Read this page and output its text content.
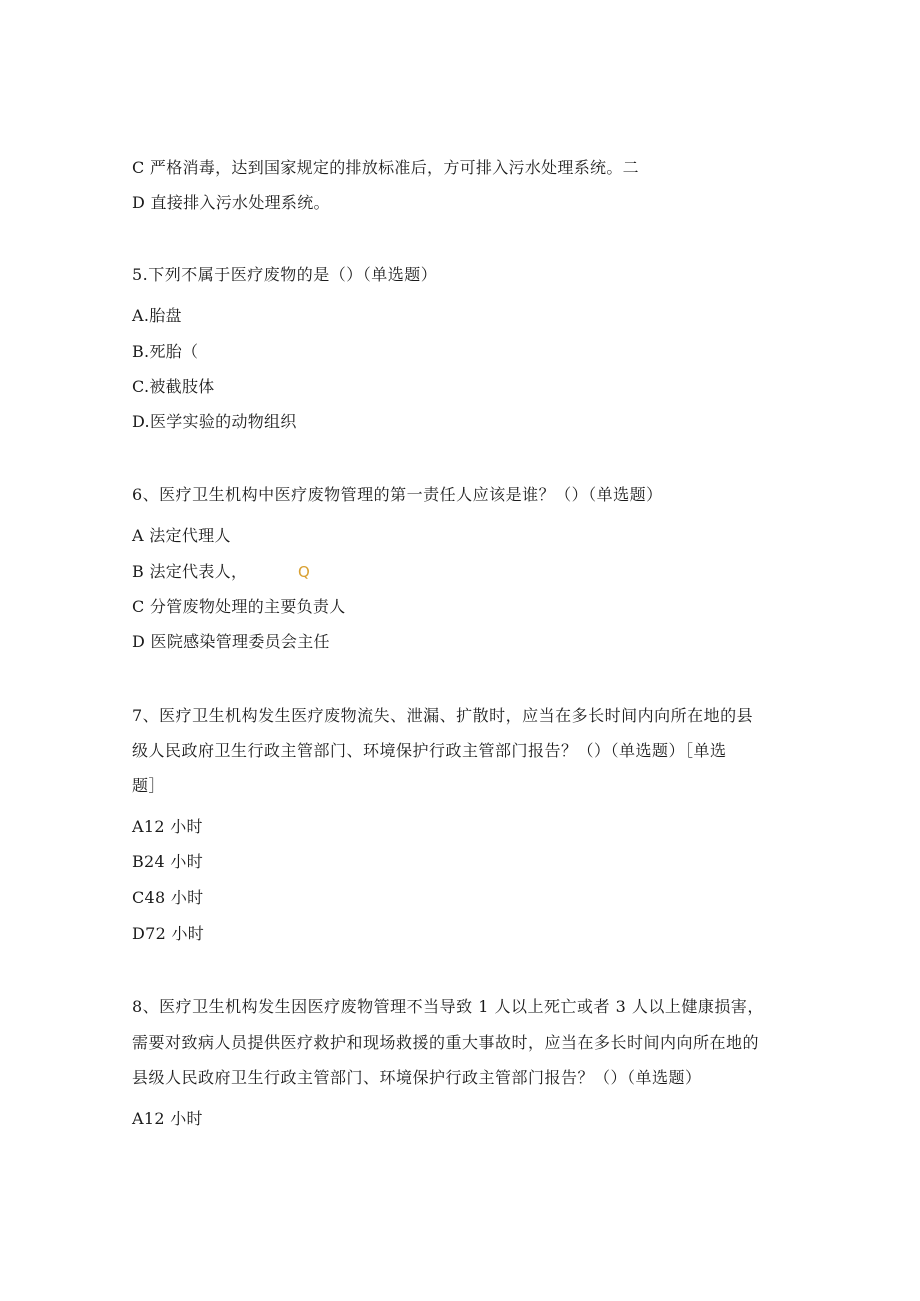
C 严格消毒，达到国家规定的排放标准后，方可排入污水处理系统。二
D 直接排入污水处理系统。
5.下列不属于医疗废物的是（）（单选题）
A.胎盘
B.死胎（
C.被截肢体
D.医学实验的动物组织
6、医疗卫生机构中医疗废物管理的第一责任人应该是谁？（）（单选题）
A 法定代理人
B 法定代表人，	Q
C 分管废物处理的主要负责人
D 医院感染管理委员会主任
7、医疗卫生机构发生医疗废物流失、泄漏、扩散时，应当在多长时间内向所在地的县
级人民政府卫生行政主管部门、环境保护行政主管部门报告？（）（单选题）［单选
题］
A12 小时
B24 小时
C48 小时
D72 小时
8、医疗卫生机构发生因医疗废物管理不当导致 1 人以上死亡或者 3 人以上健康损害，
需要对致病人员提供医疗救护和现场救援的重大事故时，应当在多长时间内向所在地的
县级人民政府卫生行政主管部门、环境保护行政主管部门报告？（）（单选题）
A12 小时
